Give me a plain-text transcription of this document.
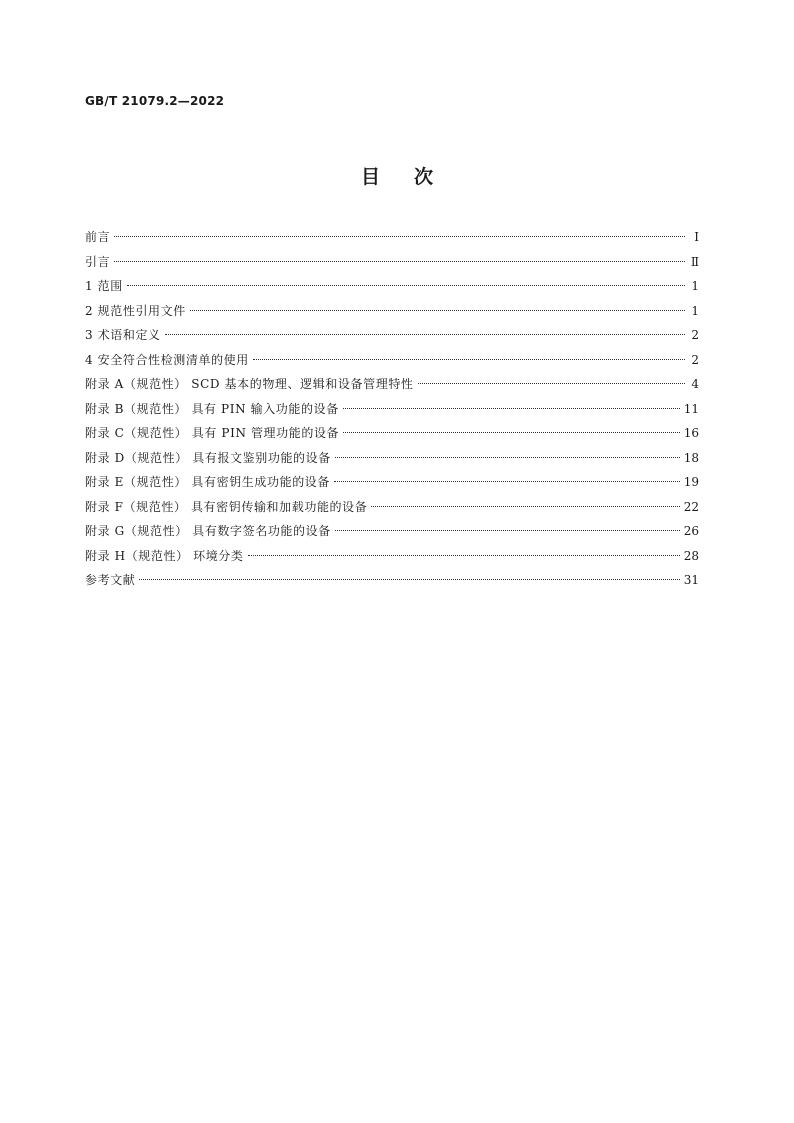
GB/T 21079.2—2022
目 次
前言	Ⅰ
引言	Ⅱ
1 范围	1
2 规范性引用文件	1
3 术语和定义	2
4 安全符合性检测清单的使用	2
附录 A（规范性） SCD 基本的物理、逻辑和设备管理特性	4
附录 B（规范性） 具有 PIN 输入功能的设备	11
附录 C（规范性） 具有 PIN 管理功能的设备	16
附录 D（规范性） 具有报文鉴别功能的设备	18
附录 E（规范性） 具有密钥生成功能的设备	19
附录 F（规范性） 具有密钥传输和加载功能的设备	22
附录 G（规范性） 具有数字签名功能的设备	26
附录 H（规范性） 环境分类	28
参考文献	31
